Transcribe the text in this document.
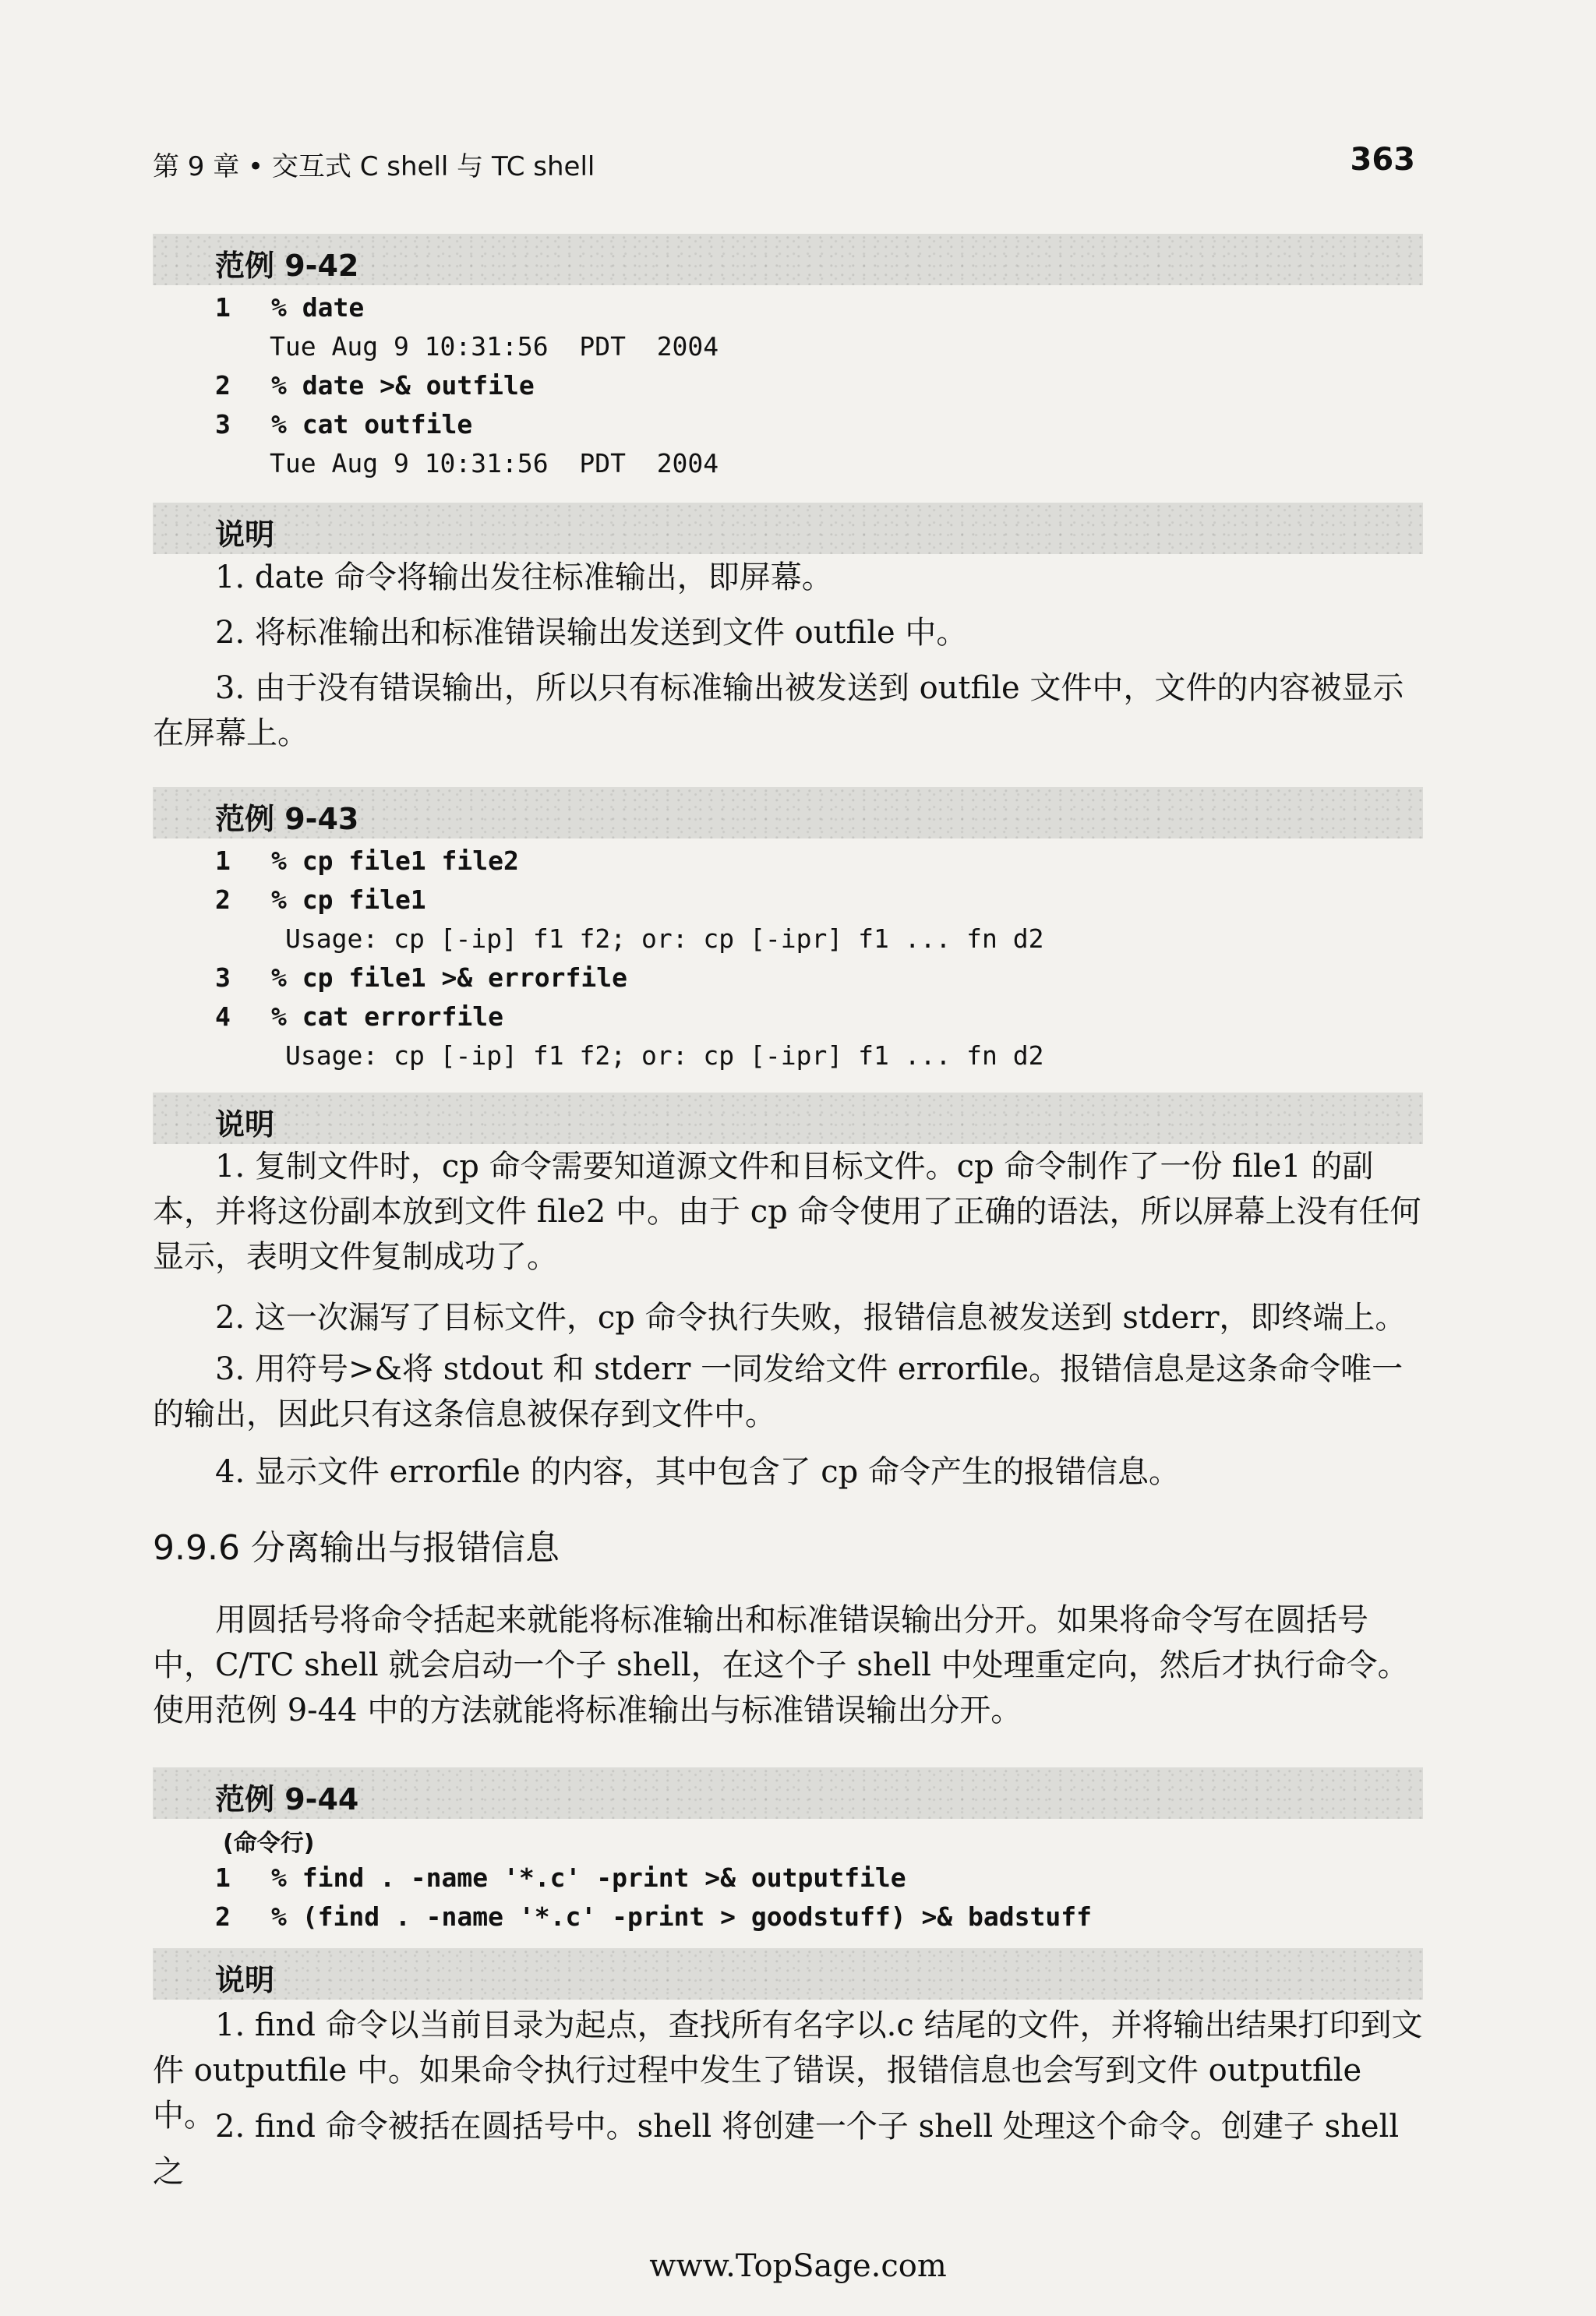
第 9 章 • 交互式 C shell 与 TC shell	363
范例 9-42
1 % date
Tue Aug 9 10:31:56  PDT  2004
2 % date >& outfile
3 % cat outfile
Tue Aug 9 10:31:56  PDT  2004
说明
1. date 命令将输出发往标准输出，即屏幕。
2. 将标准输出和标准错误输出发送到文件 outfile 中。
3. 由于没有错误输出，所以只有标准输出被发送到 outfile 文件中，文件的内容被显示在屏幕上。
范例 9-43
1 % cp file1 file2
2 % cp file1
Usage: cp [-ip] f1 f2; or: cp [-ipr] f1 ... fn d2
3 % cp file1 >& errorfile
4 % cat errorfile
Usage: cp [-ip] f1 f2; or: cp [-ipr] f1 ... fn d2
说明
1. 复制文件时，cp 命令需要知道源文件和目标文件。cp 命令制作了一份 file1 的副本，并将这份副本放到文件 file2 中。由于 cp 命令使用了正确的语法，所以屏幕上没有任何显示，表明文件复制成功了。
2. 这一次漏写了目标文件，cp 命令执行失败，报错信息被发送到 stderr，即终端上。
3. 用符号>&将 stdout 和 stderr 一同发给文件 errorfile。报错信息是这条命令唯一的输出，因此只有这条信息被保存到文件中。
4. 显示文件 errorfile 的内容，其中包含了 cp 命令产生的报错信息。
9.9.6 分离输出与报错信息
用圆括号将命令括起来就能将标准输出和标准错误输出分开。如果将命令写在圆括号中，C/TC shell 就会启动一个子 shell，在这个子 shell 中处理重定向，然后才执行命令。使用范例 9-44 中的方法就能将标准输出与标准错误输出分开。
范例 9-44
(命令行)
1 % find . -name '*.c' -print >& outputfile
2 % (find . -name '*.c' -print > goodstuff) >& badstuff
说明
1. find 命令以当前目录为起点，查找所有名字以.c 结尾的文件，并将输出结果打印到文件 outputfile 中。如果命令执行过程中发生了错误，报错信息也会写到文件 outputfile 中。 2. find 命令被括在圆括号中。shell 将创建一个子 shell 处理这个命令。创建子 shell 之
www.TopSage.com
